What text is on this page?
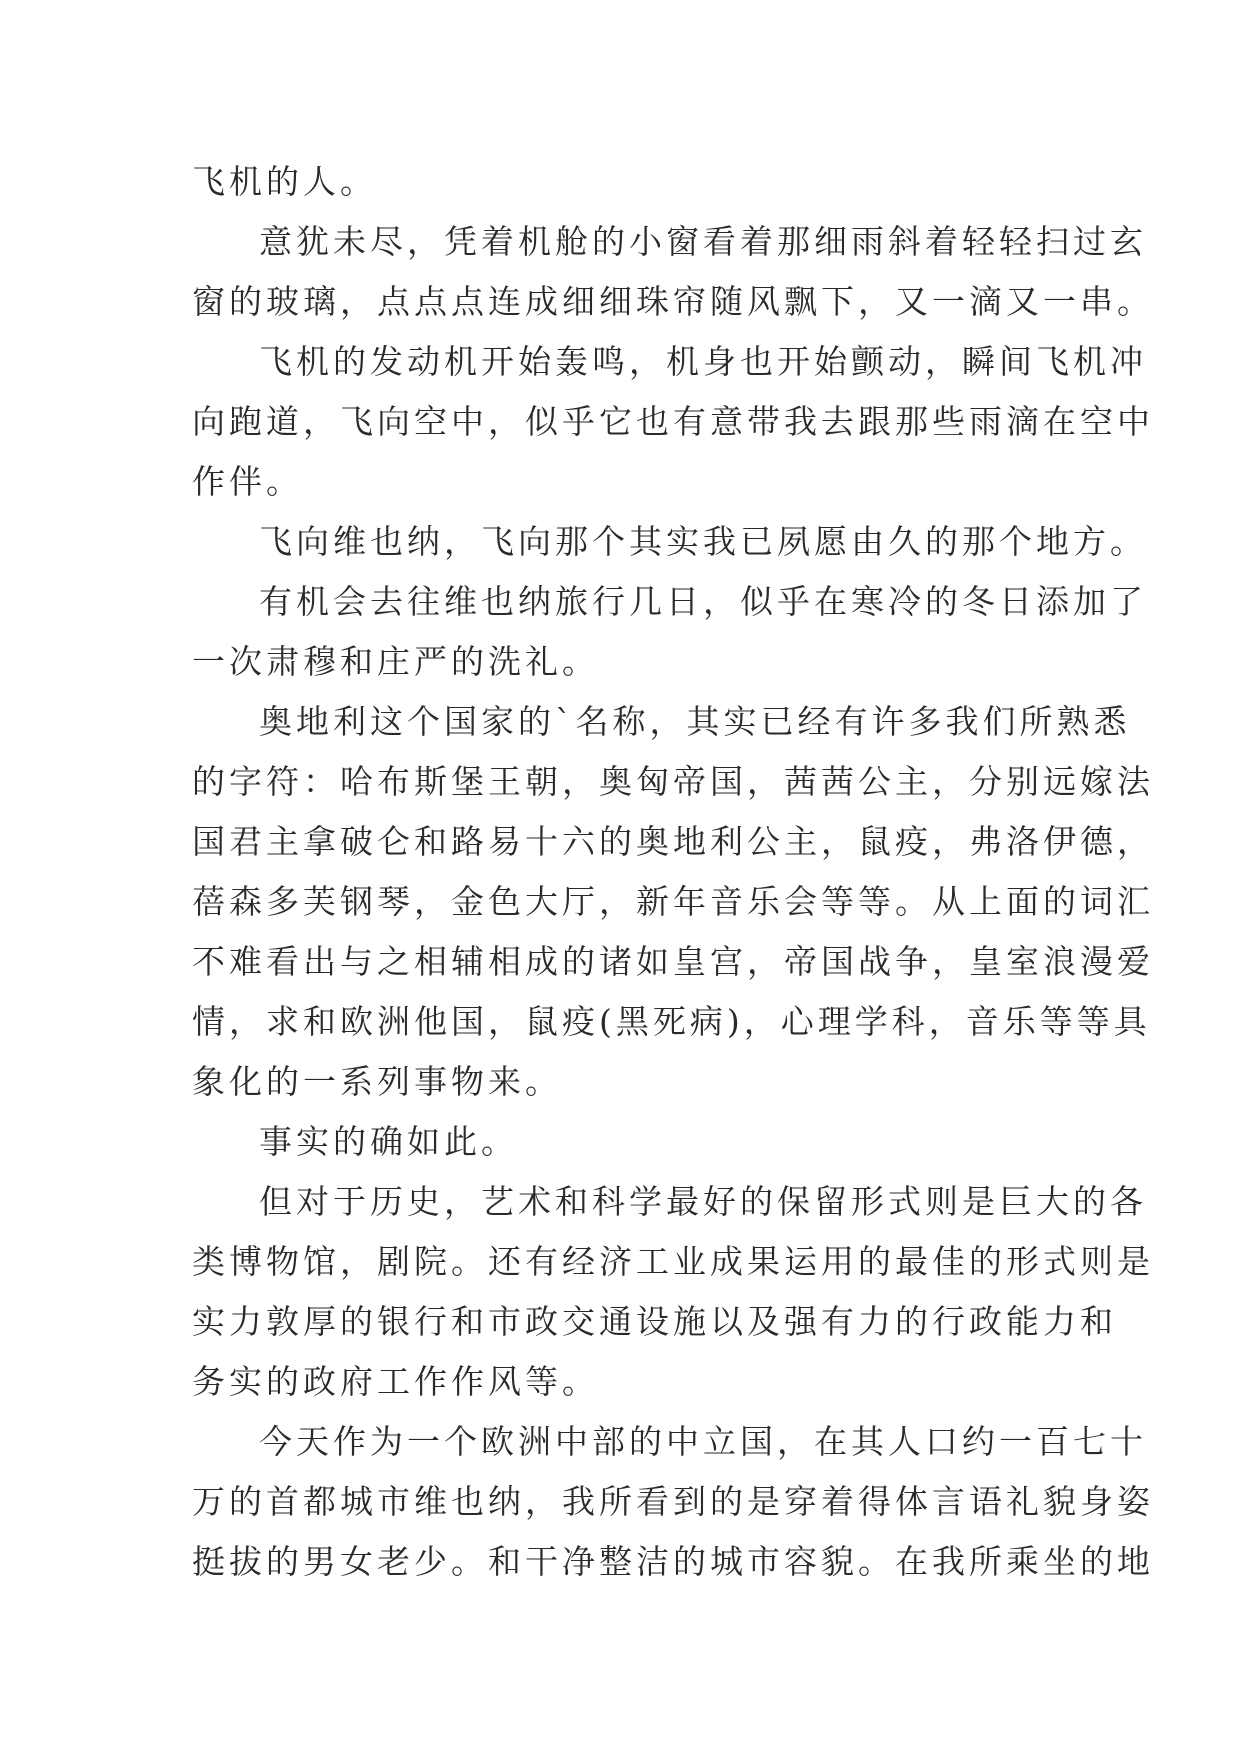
飞机的人。
意犹未尽，凭着机舱的小窗看着那细雨斜着轻轻扫过玄
窗的玻璃，点点点连成细细珠帘随风飘下，又一滴又一串。
飞机的发动机开始轰鸣，机身也开始颤动，瞬间飞机冲
向跑道，飞向空中，似乎它也有意带我去跟那些雨滴在空中
作伴。
飞向维也纳，飞向那个其实我已夙愿由久的那个地方。
有机会去往维也纳旅行几日，似乎在寒冷的冬日添加了
一次肃穆和庄严的洗礼。
奥地利这个国家的`名称，其实已经有许多我们所熟悉
的字符：哈布斯堡王朝，奥匈帝国，茜茜公主，分别远嫁法
国君主拿破仑和路易十六的奥地利公主，鼠疫，弗洛伊德，
蓓森多芙钢琴，金色大厅，新年音乐会等等。从上面的词汇
不难看出与之相辅相成的诸如皇宫，帝国战争，皇室浪漫爱
情，求和欧洲他国，鼠疫(黑死病)，心理学科，音乐等等具
象化的一系列事物来。
事实的确如此。
但对于历史，艺术和科学最好的保留形式则是巨大的各
类博物馆，剧院。还有经济工业成果运用的最佳的形式则是
实力敦厚的银行和市政交通设施以及强有力的行政能力和
务实的政府工作作风等。
今天作为一个欧洲中部的中立国，在其人口约一百七十
万的首都城市维也纳，我所看到的是穿着得体言语礼貌身姿
挺拔的男女老少。和干净整洁的城市容貌。在我所乘坐的地
